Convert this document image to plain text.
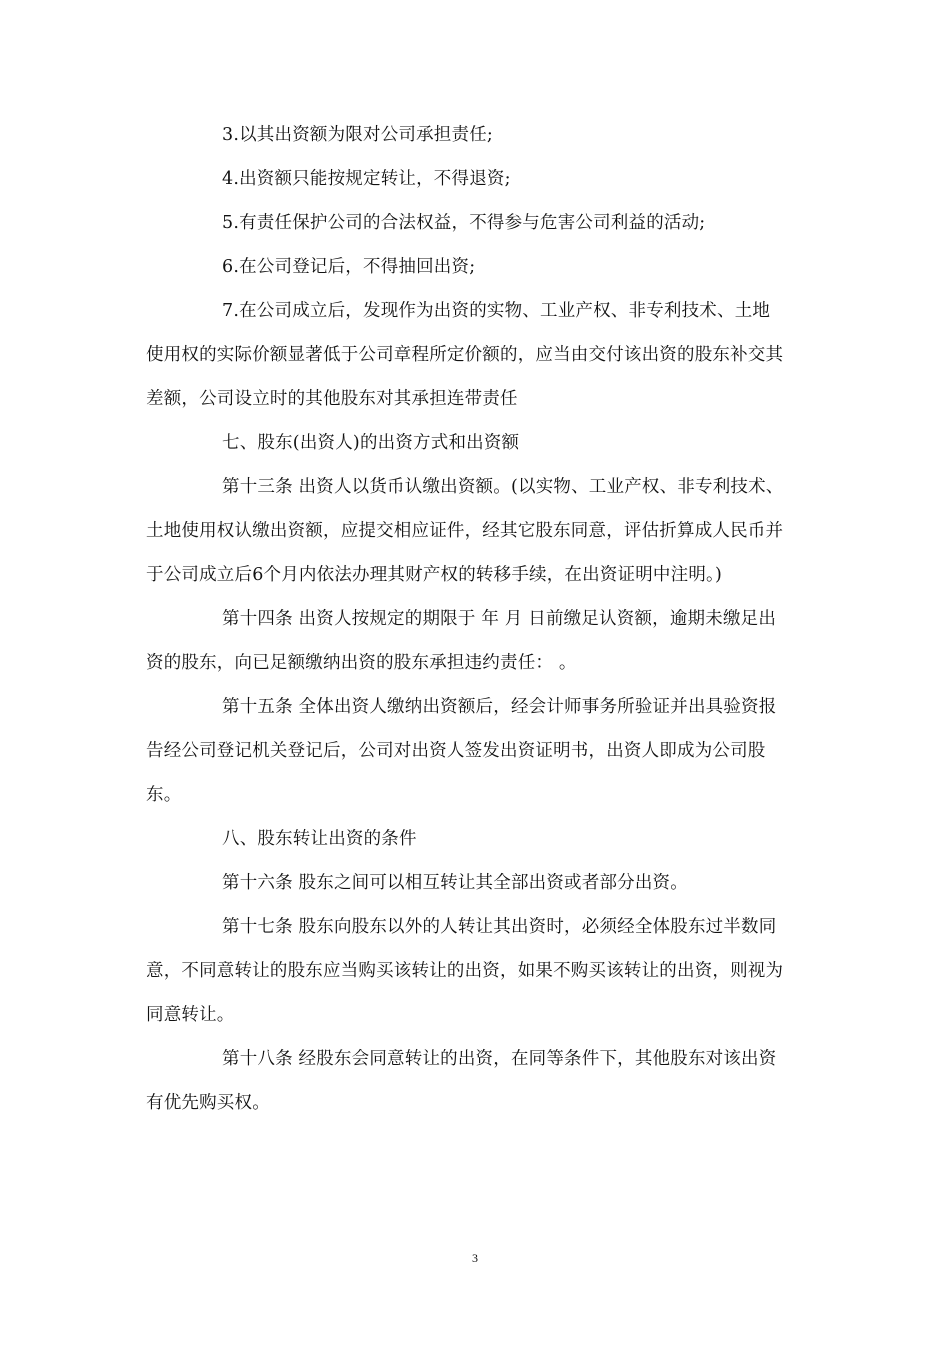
3.以其出资额为限对公司承担责任;

4.出资额只能按规定转让，不得退资;

5.有责任保护公司的合法权益，不得参与危害公司利益的活动;

6.在公司登记后，不得抽回出资;

7.在公司成立后，发现作为出资的实物、工业产权、非专利技术、土地使用权的实际价额显著低于公司章程所定价额的，应当由交付该出资的股东补交其差额，公司设立时的其他股东对其承担连带责任

七、股东(出资人)的出资方式和出资额

第十三条 出资人以货币认缴出资额。(以实物、工业产权、非专利技术、土地使用权认缴出资额，应提交相应证件，经其它股东同意，评估折算成人民币并于公司成立后6个月内依法办理其财产权的转移手续，在出资证明中注明。)

第十四条 出资人按规定的期限于 年 月 日前缴足认资额，逾期未缴足出资的股东，向已足额缴纳出资的股东承担违约责任： 。

第十五条 全体出资人缴纳出资额后，经会计师事务所验证并出具验资报告经公司登记机关登记后，公司对出资人签发出资证明书，出资人即成为公司股东。

八、股东转让出资的条件

第十六条 股东之间可以相互转让其全部出资或者部分出资。

第十七条 股东向股东以外的人转让其出资时，必须经全体股东过半数同意，不同意转让的股东应当购买该转让的出资，如果不购买该转让的出资，则视为同意转让。

第十八条 经股东会同意转让的出资，在同等条件下，其他股东对该出资有优先购买权。

3
